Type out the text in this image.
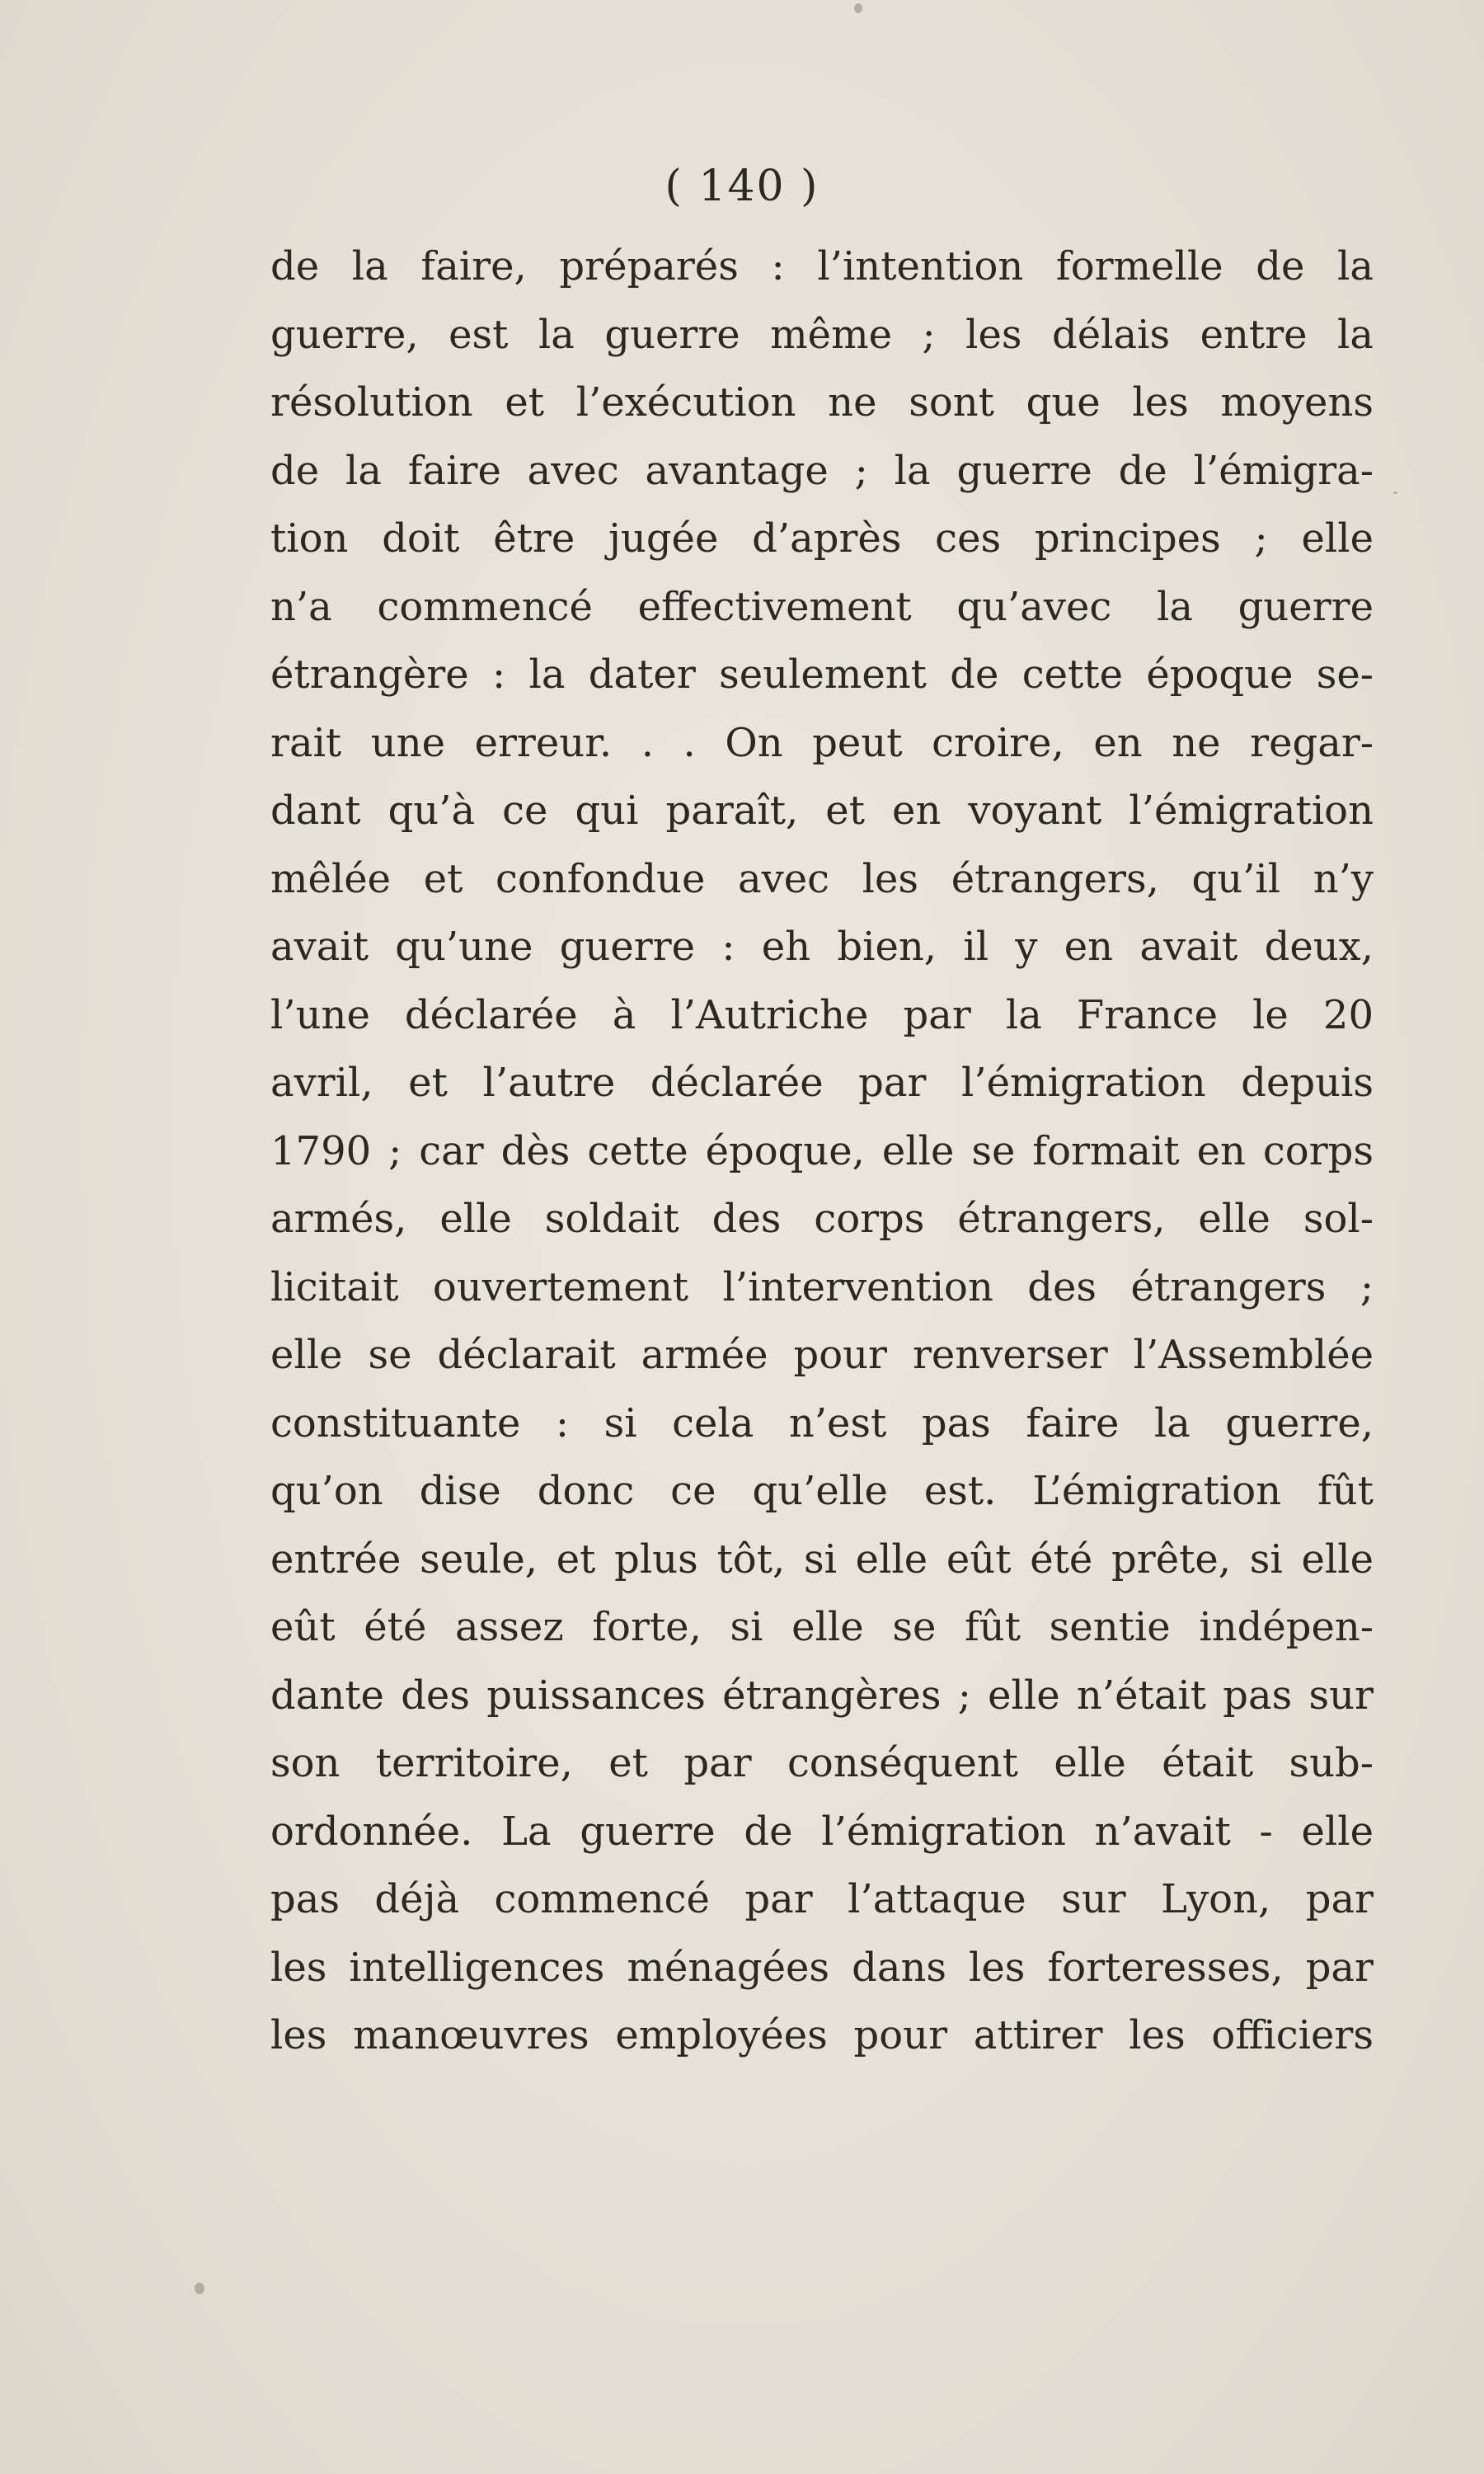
( 140 )
de la faire, préparés : l’intention formelle de la
guerre, est la guerre même ; les délais entre la
résolution et l’exécution ne sont que les moyens
de la faire avec avantage ; la guerre de l’émigra-
tion doit être jugée d’après ces principes ; elle
n’a commencé effectivement qu’avec la guerre
étrangère : la dater seulement de cette époque se-
rait une erreur. . . On peut croire, en ne regar-
dant qu’à ce qui paraît, et en voyant l’émigration
mêlée et confondue avec les étrangers, qu’il n’y
avait qu’une guerre : eh bien, il y en avait deux,
l’une déclarée à l’Autriche par la France le 20
avril, et l’autre déclarée par l’émigration depuis
1790 ; car dès cette époque, elle se formait en corps
armés, elle soldait des corps étrangers, elle sol-
licitait ouvertement l’intervention des étrangers ;
elle se déclarait armée pour renverser l’Assemblée
constituante : si cela n’est pas faire la guerre,
qu’on dise donc ce qu’elle est. L’émigration fût
entrée seule, et plus tôt, si elle eût été prête, si elle
eût été assez forte, si elle se fût sentie indépen-
dante des puissances étrangères ; elle n’était pas sur
son territoire, et par conséquent elle était sub-
ordonnée. La guerre de l’émigration n’avait - elle
pas déjà commencé par l’attaque sur Lyon, par
les intelligences ménagées dans les forteresses, par
les manœuvres employées pour attirer les officiers
